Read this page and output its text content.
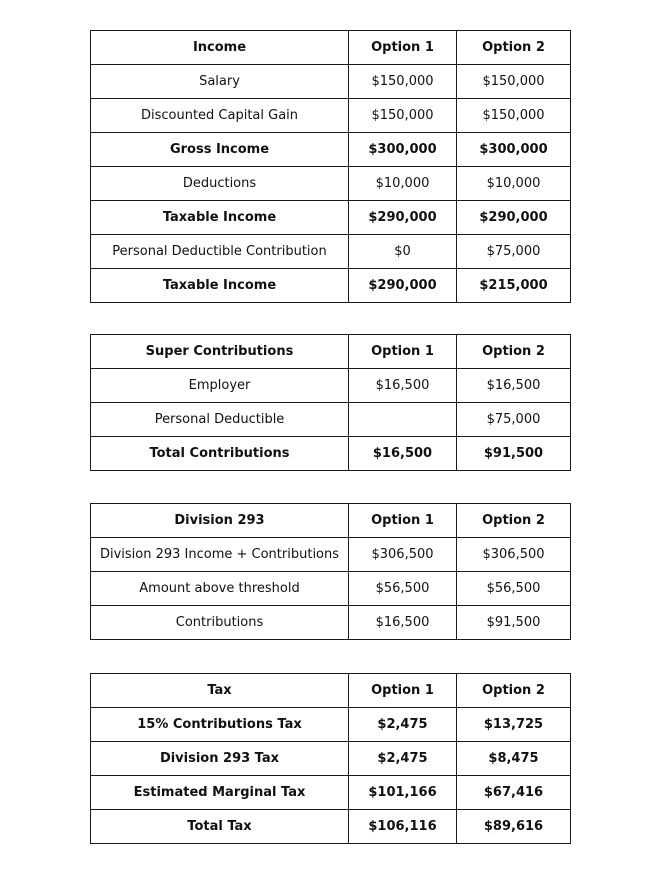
Income	Option 1	Option 2
Salary	$150,000	$150,000
Discounted Capital Gain	$150,000	$150,000
Gross Income	$300,000	$300,000
Deductions	$10,000	$10,000
Taxable Income	$290,000	$290,000
Personal Deductible Contribution	$0	$75,000
Taxable Income	$290,000	$215,000
Super Contributions	Option 1	Option 2
Employer	$16,500	$16,500
Personal Deductible		$75,000
Total Contributions	$16,500	$91,500
Division 293	Option 1	Option 2
Division 293 Income + Contributions	$306,500	$306,500
Amount above threshold	$56,500	$56,500
Contributions	$16,500	$91,500
Tax	Option 1	Option 2
15% Contributions Tax	$2,475	$13,725
Division 293 Tax	$2,475	$8,475
Estimated Marginal Tax	$101,166	$67,416
Total Tax	$106,116	$89,616
